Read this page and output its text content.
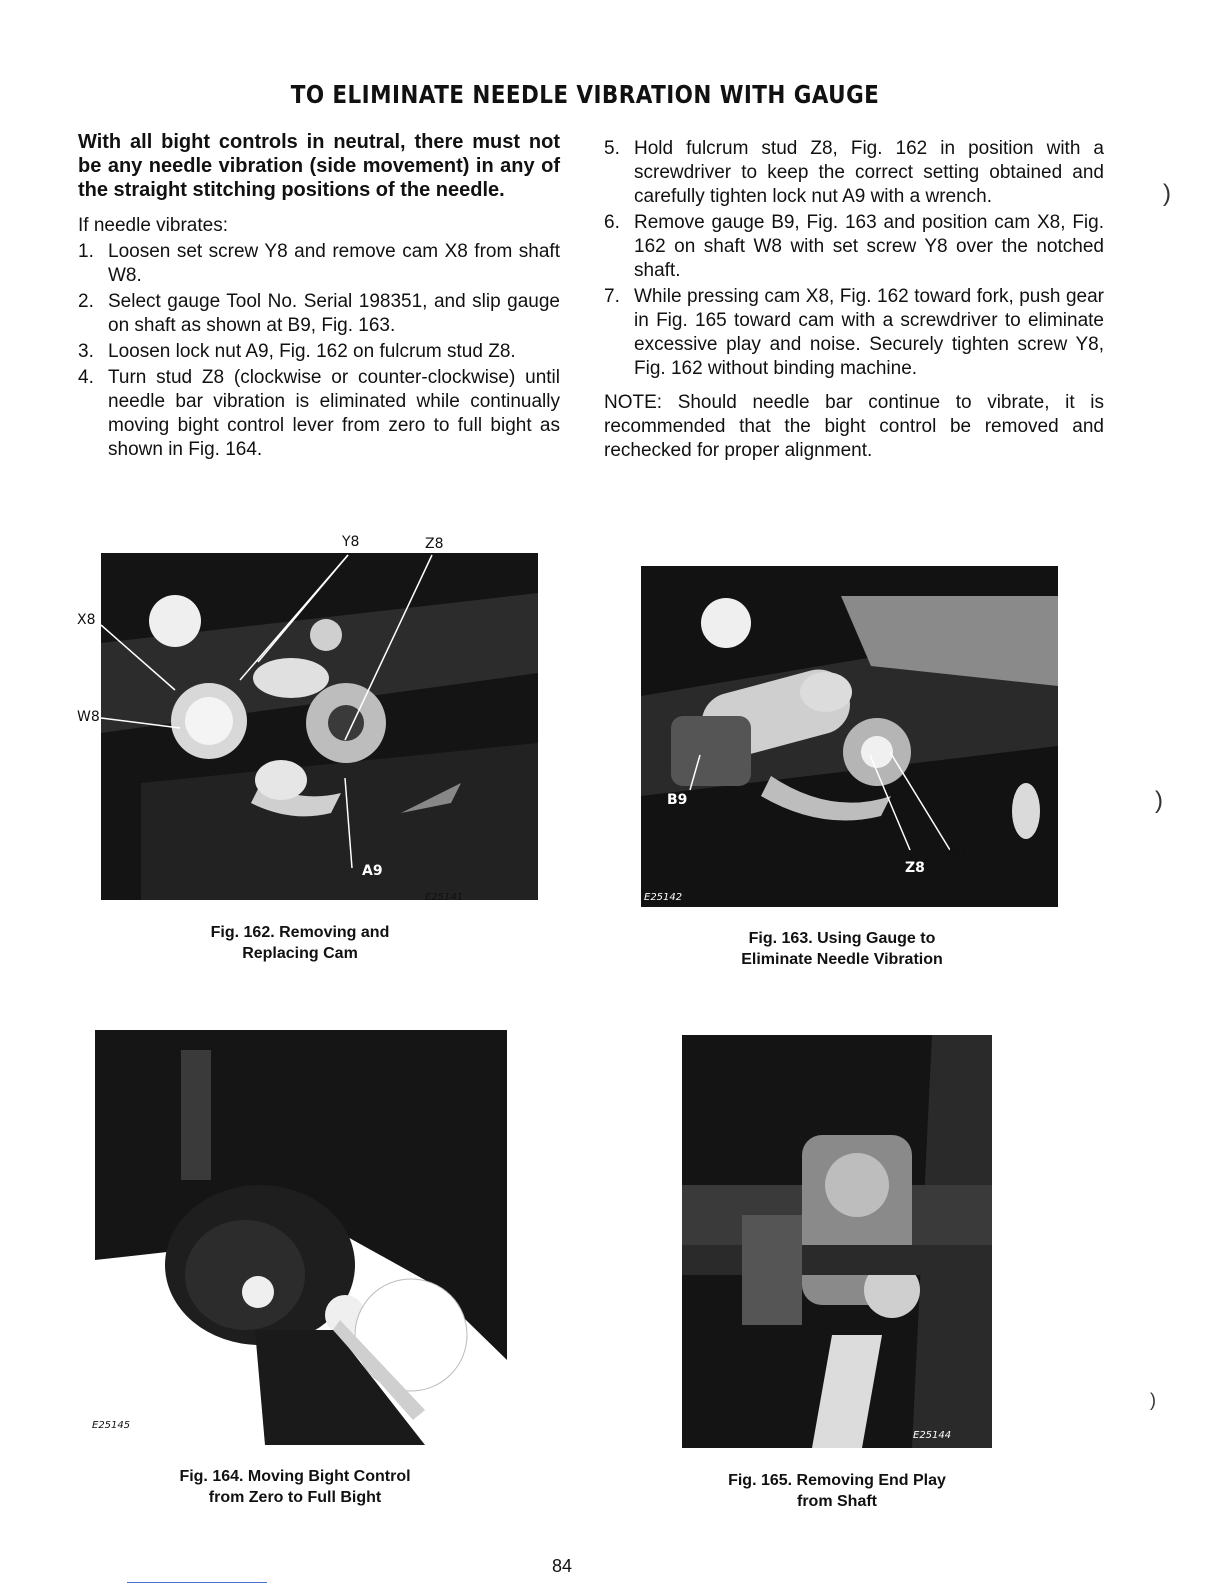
TO ELIMINATE NEEDLE VIBRATION WITH GAUGE

With all bight controls in neutral, there must not be any needle vibration (side movement) in any of the straight stitching positions of the needle.

If needle vibrates:

1. Loosen set screw Y8 and remove cam X8 from shaft W8.
2. Select gauge Tool No. Serial 198351, and slip gauge on shaft as shown at B9, Fig. 163.
3. Loosen lock nut A9, Fig. 162 on fulcrum stud Z8.
4. Turn stud Z8 (clockwise or counter-clockwise) until needle bar vibration is eliminated while continually moving bight control lever from zero to full bight as shown in Fig. 164.
5. Hold fulcrum stud Z8, Fig. 162 in position with a screwdriver to keep the correct setting obtained and carefully tighten lock nut A9 with a wrench.
6. Remove gauge B9, Fig. 163 and position cam X8, Fig. 162 on shaft W8 with set screw Y8 over the notched shaft.
7. While pressing cam X8, Fig. 162 toward fork, push gear in Fig. 165 toward cam with a screwdriver to eliminate excessive play and noise. Securely tighten screw Y8, Fig. 162 without binding machine.

NOTE: Should needle bar continue to vibrate, it is recommended that the bight control be removed and rechecked for proper alignment.

Y8	Z8
X8
W8
A9
E25141
Fig. 162. Removing and
Replacing Cam
B9
Z8
A9
E25142
Fig. 163. Using Gauge to
Eliminate Needle Vibration
E25145
Fig. 164. Moving Bight Control
from Zero to Full Bight
E25144
Fig. 165. Removing End Play
from Shaft
)
)
)
84
